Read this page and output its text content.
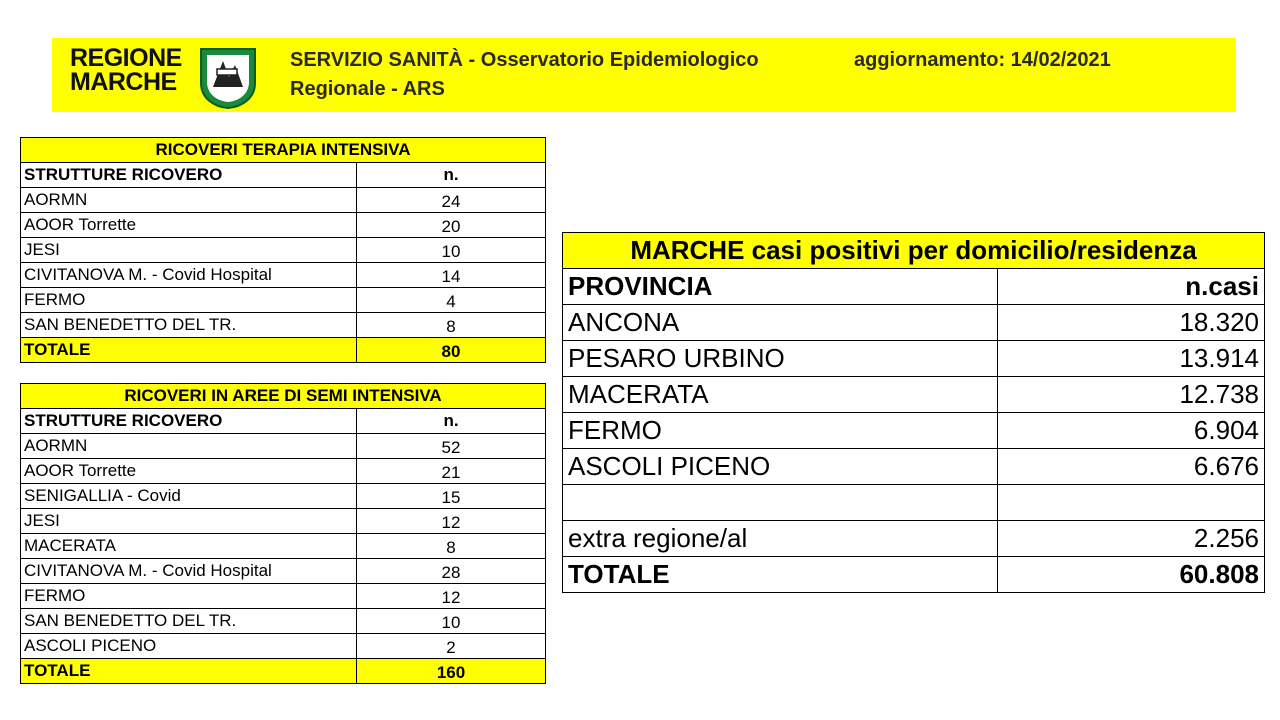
REGIONE
MARCHE
SERVIZIO SANITÀ - Osservatorio Epidemiologico Regionale - ARS
aggiornamento: 14/02/2021
RICOVERI TERAPIA INTENSIVA	
STRUTTURE RICOVERO	n.
AORMN	24
AOOR Torrette	20
JESI	10
CIVITANOVA M. - Covid Hospital	14
FERMO	4
SAN BENEDETTO DEL TR.	8
TOTALE	80
RICOVERI IN AREE DI SEMI INTENSIVA	
STRUTTURE RICOVERO	n.
AORMN	52
AOOR Torrette	21
SENIGALLIA - Covid	15
JESI	12
MACERATA	8
CIVITANOVA M. - Covid Hospital	28
FERMO	12
SAN BENEDETTO DEL TR.	10
ASCOLI PICENO	2
TOTALE	160
MARCHE casi positivi per domicilio/residenza	
PROVINCIA	n.casi
ANCONA	18.320
PESARO URBINO	13.914
MACERATA	12.738
FERMO	6.904
ASCOLI PICENO	6.676

extra regione/al	2.256
TOTALE	60.808
